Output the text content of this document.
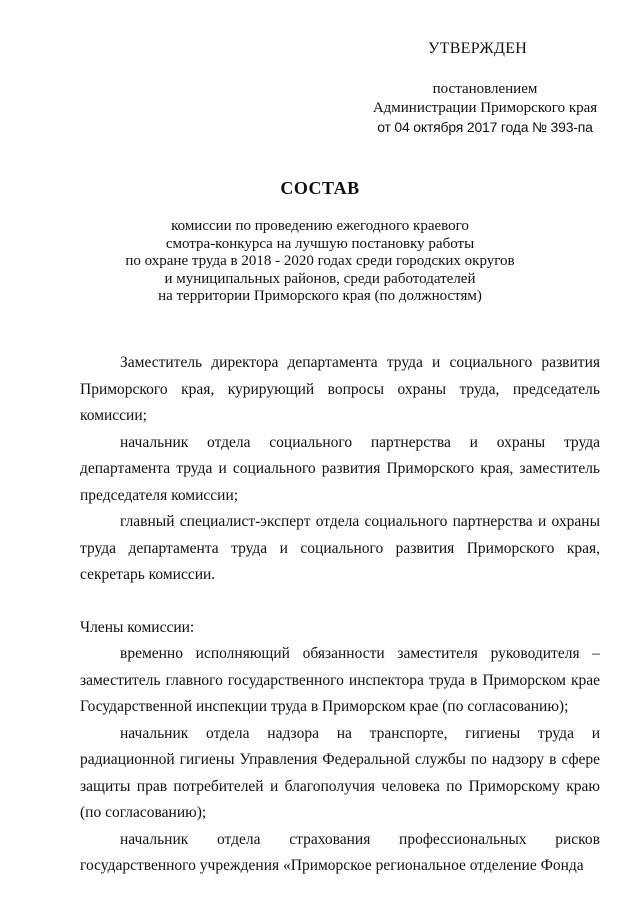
УТВЕРЖДЕН
постановлением
Администрации Приморского края
от 04 октября 2017 года № 393-па
СОСТАВ
комиссии по проведению ежегодного краевого
смотра-конкурса на лучшую постановку работы
по охране труда в 2018 - 2020 годах среди городских округов
и муниципальных районов, среди работодателей
на территории Приморского края (по должностям)

Заместитель директора департамента труда и социального развития Приморского края, курирующий вопросы охраны труда, председатель комиссии;

начальник отдела социального партнерства и охраны труда департамента труда и социального развития Приморского края, заместитель председателя комиссии;

главный специалист-эксперт отдела социального партнерства и охраны труда департамента труда и социального развития Приморского края, секретарь комиссии.

Члены комиссии:

временно исполняющий обязанности заместителя руководителя – заместитель главного государственного инспектора труда в Приморском крае Государственной инспекции труда в Приморском крае (по согласованию);

начальник отдела надзора на транспорте, гигиены труда и радиационной гигиены Управления Федеральной службы по надзору в сфере защиты прав потребителей и благополучия человека по Приморскому краю (по согласованию);

начальник отдела страхования профессиональных рисков государственного учреждения «Приморское региональное отделение Фонда
